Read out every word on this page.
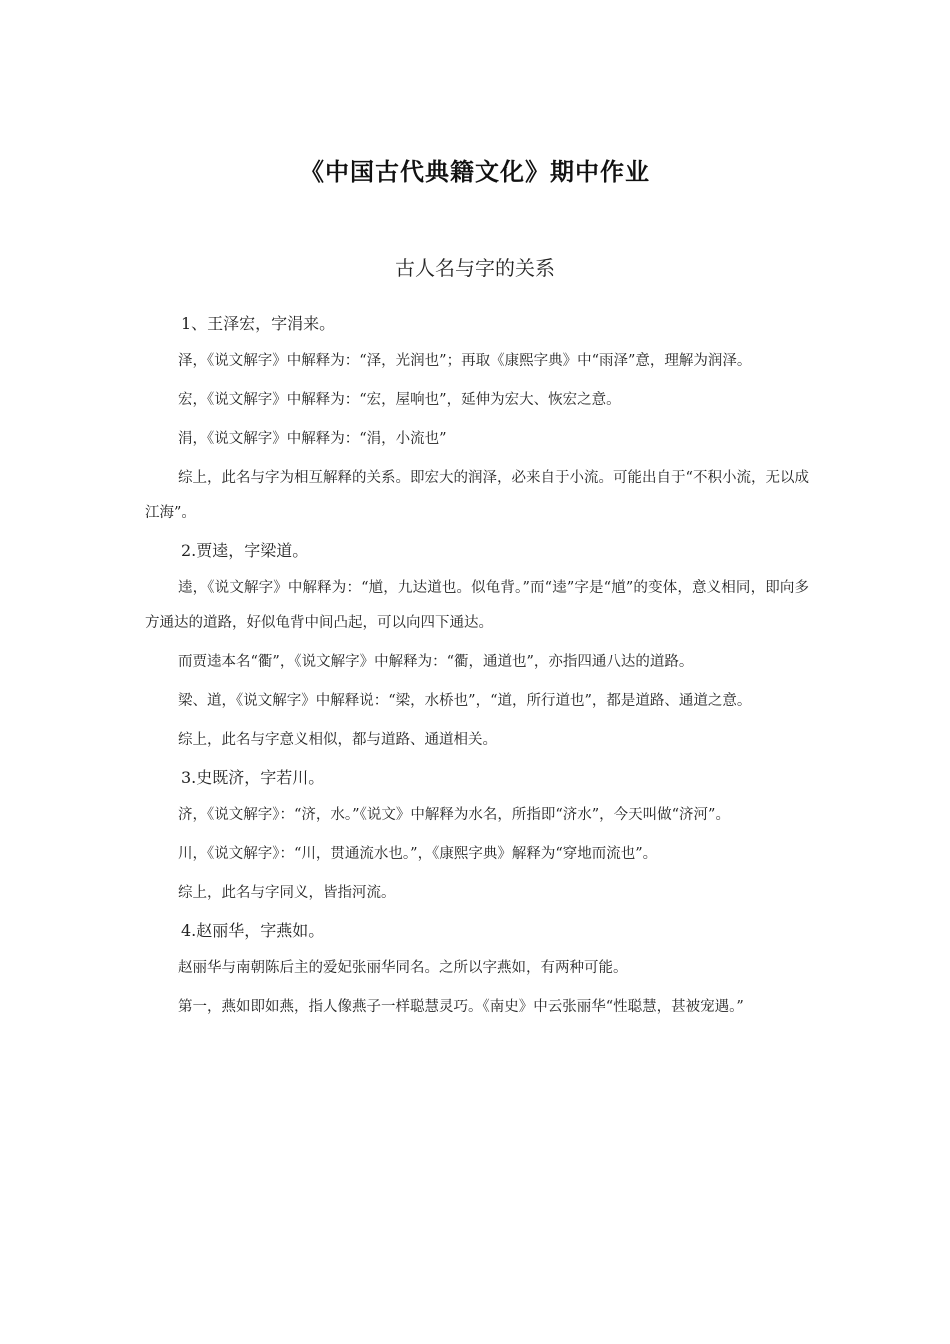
《中国古代典籍文化》期中作业
古人名与字的关系

1、王泽宏，字涓来。

泽，《说文解字》中解释为：“泽，光润也”；再取《康熙字典》中“雨泽”意，理解为润泽。

宏，《说文解字》中解释为：“宏，屋响也”，延伸为宏大、恢宏之意。

涓，《说文解字》中解释为：“涓，小流也”

综上，此名与字为相互解释的关系。即宏大的润泽，必来自于小流。可能出自于“不积小流，无以成江海”。

2.贾逵，字梁道。

逵，《说文解字》中解释为：“馗，九达道也。似龟背。”而“逵”字是“馗”的变体，意义相同，即向多方通达的道路，好似龟背中间凸起，可以向四下通达。

而贾逵本名“衢”，《说文解字》中解释为：“衢，通道也”，亦指四通八达的道路。

梁、道，《说文解字》中解释说：“梁，水桥也”，“道，所行道也”，都是道路、通道之意。

综上，此名与字意义相似，都与道路、通道相关。

3.史既济，字若川。

济，《说文解字》：“济，水。”《说文》中解释为水名，所指即“济水”，今天叫做“济河”。

川，《说文解字》：“川，贯通流水也。”，《康熙字典》解释为“穿地而流也”。

综上，此名与字同义，皆指河流。

4.赵丽华，字燕如。

赵丽华与南朝陈后主的爱妃张丽华同名。之所以字燕如，有两种可能。

第一，燕如即如燕，指人像燕子一样聪慧灵巧。《南史》中云张丽华“性聪慧，甚被宠遇。”
